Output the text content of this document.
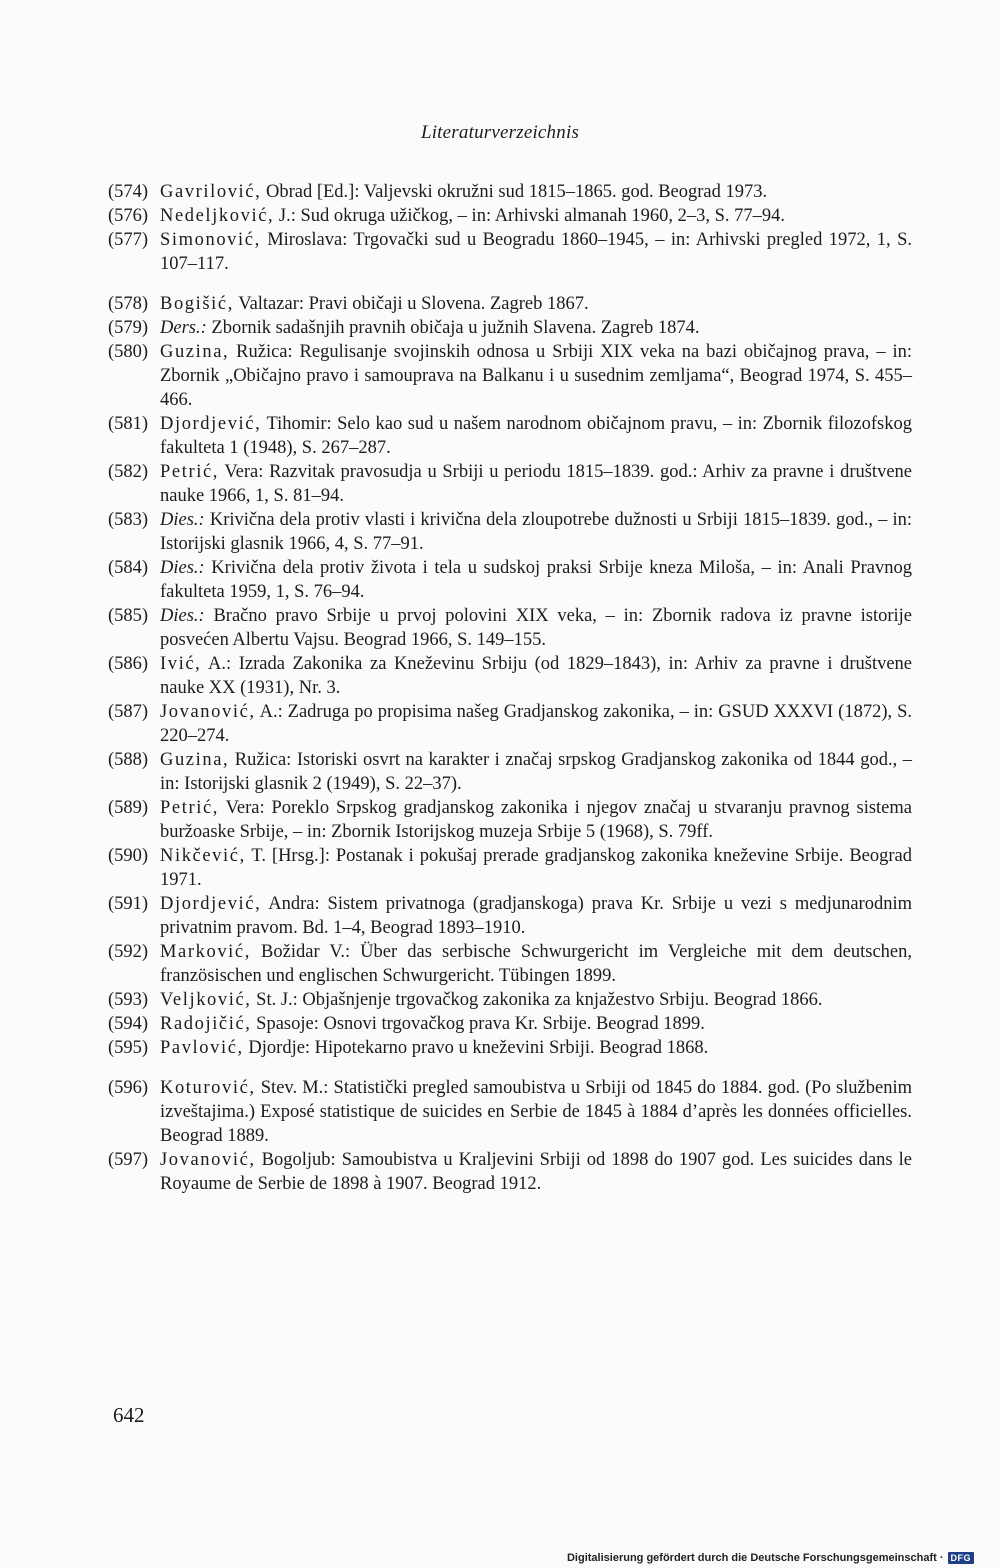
Literaturverzeichnis
(574) Gavrilović, Obrad [Ed.]: Valjevski okružni sud 1815–1865. god. Beograd 1973.
(576) Nedeljković, J.: Sud okruga užičkog, – in: Arhivski almanah 1960, 2–3, S. 77–94.
(577) Simonović, Miroslava: Trgovački sud u Beogradu 1860–1945, – in: Arhivski pregled 1972, 1, S. 107–117.
(578) Bogišić, Valtazar: Pravi običaji u Slovena. Zagreb 1867.
(579) Ders.: Zbornik sadašnjih pravnih običaja u južnih Slavena. Zagreb 1874.
(580) Guzina, Ružica: Regulisanje svojinskih odnosa u Srbiji XIX veka na bazi običajnog prava, – in: Zbornik „Običajno pravo i samouprava na Balkanu i u susednim zemljama“, Beograd 1974, S. 455–466.
(581) Djordjević, Tihomir: Selo kao sud u našem narodnom običajnom pravu, – in: Zbornik filozofskog fakulteta 1 (1948), S. 267–287.
(582) Petrić, Vera: Razvitak pravosudja u Srbiji u periodu 1815–1839. god.: Arhiv za pravne i društvene nauke 1966, 1, S. 81–94.
(583) Dies.: Krivična dela protiv vlasti i krivična dela zloupotrebe dužnosti u Srbiji 1815–1839. god., – in: Istorijski glasnik 1966, 4, S. 77–91.
(584) Dies.: Krivična dela protiv života i tela u sudskoj praksi Srbije kneza Miloša, – in: Anali Pravnog fakulteta 1959, 1, S. 76–94.
(585) Dies.: Bračno pravo Srbije u prvoj polovini XIX veka, – in: Zbornik radova iz pravne istorije posvećen Albertu Vajsu. Beograd 1966, S. 149–155.
(586) Ivić, A.: Izrada Zakonika za Kneževinu Srbiju (od 1829–1843), in: Arhiv za pravne i društvene nauke XX (1931), Nr. 3.
(587) Jovanović, A.: Zadruga po propisima našeg Gradjanskog zakonika, – in: GSUD XXXVI (1872), S. 220–274.
(588) Guzina, Ružica: Istoriski osvrt na karakter i značaj srpskog Gradjanskog zakonika od 1844 god., – in: Istorijski glasnik 2 (1949), S. 22–37).
(589) Petrić, Vera: Poreklo Srpskog gradjanskog zakonika i njegov značaj u stvaranju pravnog sistema buržoaske Srbije, – in: Zbornik Istorijskog muzeja Srbije 5 (1968), S. 79ff.
(590) Nikčević, T. [Hrsg.]: Postanak i pokušaj prerade gradjanskog zakonika kneževine Srbije. Beograd 1971.
(591) Djordjević, Andra: Sistem privatnoga (gradjanskoga) prava Kr. Srbije u vezi s medjunarodnim privatnim pravom. Bd. 1–4, Beograd 1893–1910.
(592) Marković, Božidar V.: Über das serbische Schwurgericht im Vergleiche mit dem deutschen, französischen und englischen Schwurgericht. Tübingen 1899.
(593) Veljković, St. J.: Objašnjenje trgovačkog zakonika za knjažestvo Srbiju. Beograd 1866.
(594) Radojičić, Spasoje: Osnovi trgovačkog prava Kr. Srbije. Beograd 1899.
(595) Pavlović, Djordje: Hipotekarno pravo u kneževini Srbiji. Beograd 1868.
(596) Koturović, Stev. M.: Statistički pregled samoubistva u Srbiji od 1845 do 1884. god. (Po službenim izveštajima.) Exposé statistique de suicides en Serbie de 1845 à 1884 d’après les données officielles. Beograd 1889.
(597) Jovanović, Bogoljub: Samoubistva u Kraljevini Srbiji od 1898 do 1907 god. Les suicides dans le Royaume de Serbie de 1898 à 1907. Beograd 1912.
642
Digitalisierung gefördert durch die Deutsche Forschungsgemeinschaft · DFG
